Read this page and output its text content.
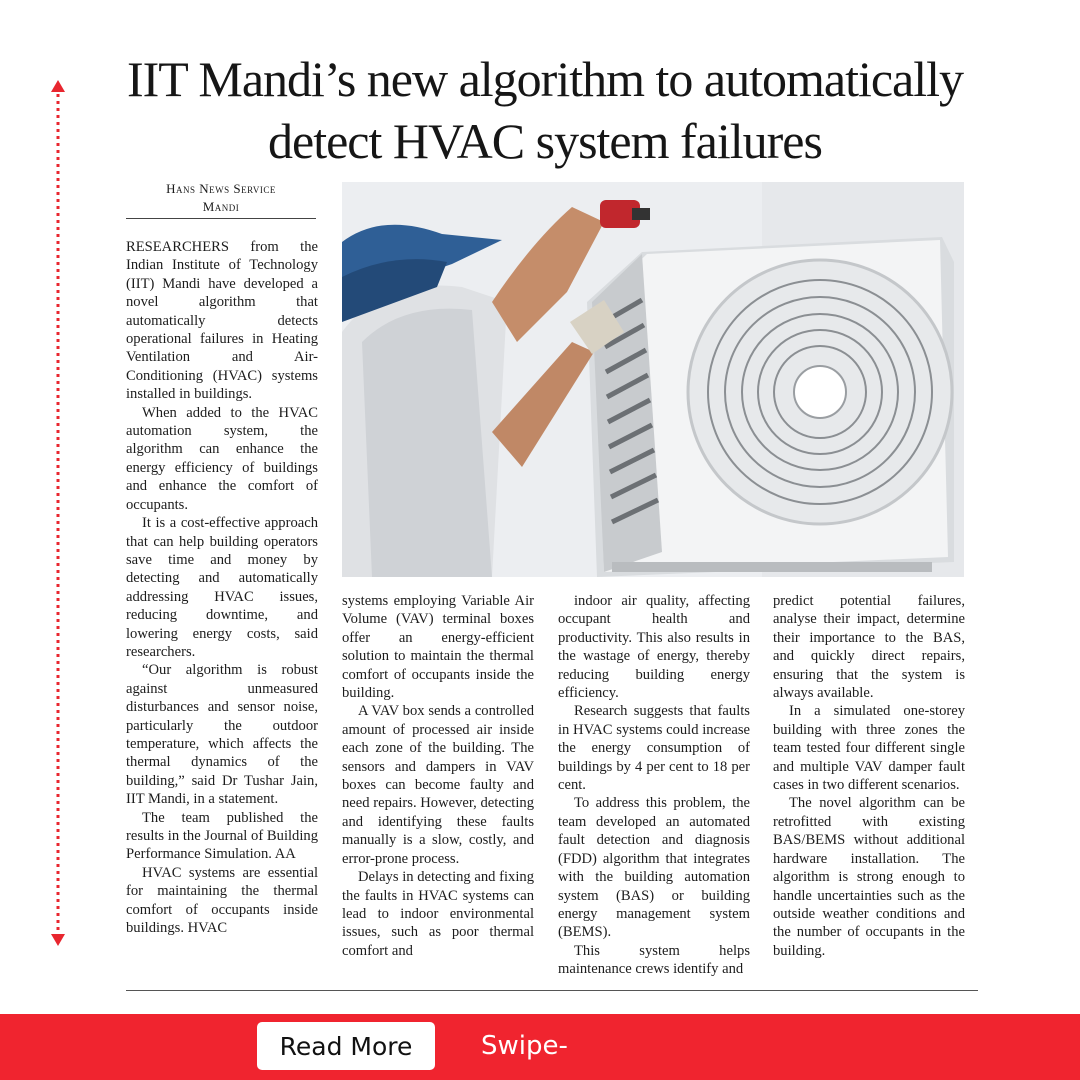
IIT Mandi’s new algorithm to automatically detect HVAC system failures
Hans News Service
Mandi

RESEARCHERS from the Indian Institute of Technology (IIT) Mandi have developed a novel algorithm that automatically detects operational failures in Heating Ventilation and Air-Conditioning (HVAC) systems installed in buildings.

When added to the HVAC automation system, the algorithm can enhance the energy efficiency of buildings and enhance the comfort of occupants.

It is a cost-effective approach that can help building operators save time and money by detecting and automatically addressing HVAC issues, reducing downtime, and lowering energy costs, said researchers.

“Our algorithm is robust against unmeasured disturbances and sensor noise, particularly the outdoor temperature, which affects the thermal dynamics of the building,” said Dr Tushar Jain, IIT Mandi, in a statement.

The team published the results in the Journal of Building Performance Simulation. AA

HVAC systems are essential for maintaining the thermal comfort of occupants inside buildings. HVAC

systems employing Variable Air Volume (VAV) terminal boxes offer an energy-efficient solution to maintain the thermal comfort of occupants inside the building.

A VAV box sends a controlled amount of processed air inside each zone of the building. The sensors and dampers in VAV boxes can become faulty and need repairs. However, detecting and identifying these faults manually is a slow, costly, and error-prone process.

Delays in detecting and fixing the faults in HVAC systems can lead to indoor environmental issues, such as poor thermal comfort and

indoor air quality, affecting occupant health and productivity. This also results in the wastage of energy, thereby reducing building energy efficiency.

Research suggests that faults in HVAC systems could increase the energy consumption of buildings by 4 per cent to 18 per cent.

To address this problem, the team developed an automated fault detection and diagnosis (FDD) algorithm that integrates with the building automation system (BAS) or building energy management system (BEMS).

This system helps maintenance crews identify and

predict potential failures, analyse their impact, determine their importance to the BAS, and quickly direct repairs, ensuring that the system is always available.

In a simulated one-storey building with three zones the team tested four different single and multiple VAV damper fault cases in two different scenarios.

The novel algorithm can be retrofitted with existing BAS/BEMS without additional hardware installation. The algorithm is strong enough to handle uncertainties such as the outside weather conditions and the number of occupants in the building.

Read More	Swipe-
